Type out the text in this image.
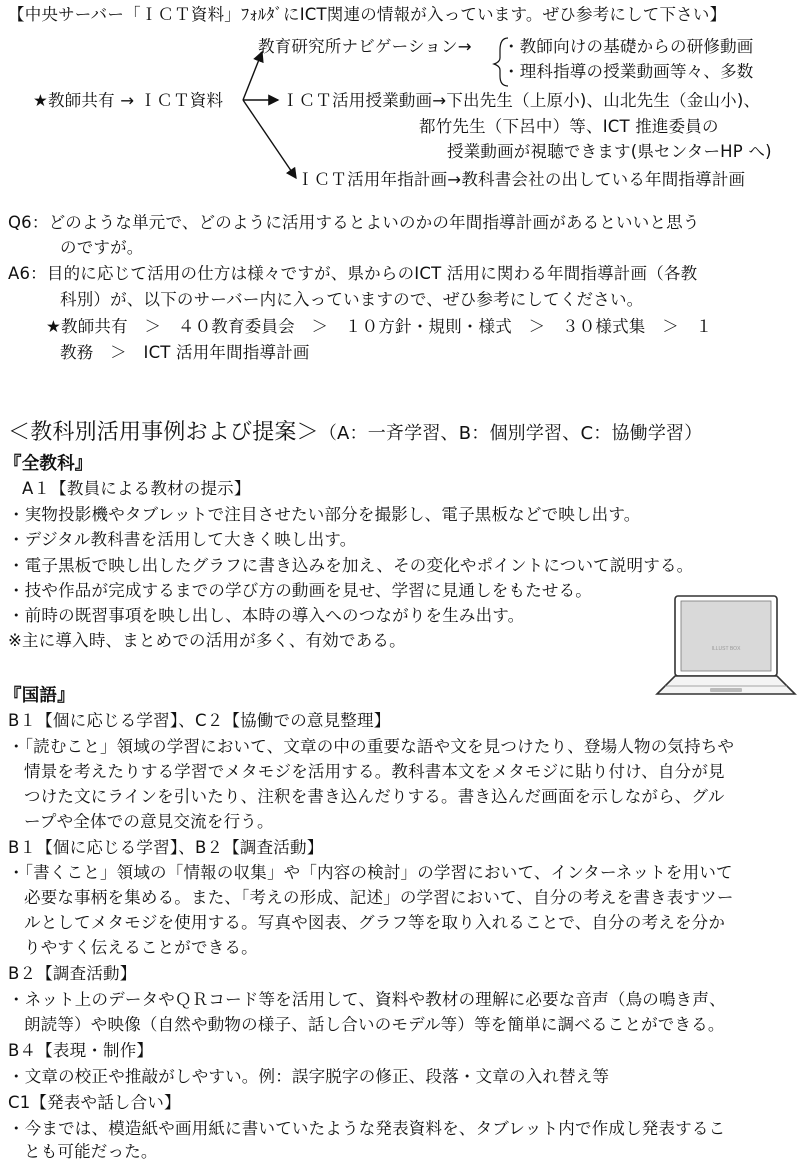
【中央サーバー「ＩＣＴ資料」ﾌｫﾙﾀﾞにICT関連の情報が入っています。ぜひ参考にして下さい】
教育研究所ナビゲーション→ ・教師向けの基礎からの研修動画
・理科指導の授業動画等々、多数
★教師共有 → ＩＣＴ資料	ＩＣＴ活用授業動画→下出先生（上原小)、山北先生（金山小)、
都竹先生（下呂中）等、ICT 推進委員の
授業動画が視聴できます(県センターHP へ)
ＩＣＴ活用年指計画→教科書会社の出している年間指導計画
Q6：どのような単元で、どのように活用するとよいのかの年間指導計画があるといいと思う
のですが。
A6：目的に応じて活用の仕方は様々ですが、県からのICT 活用に関わる年間指導計画（各教
科別）が、以下のサーバー内に入っていますので、ぜひ参考にしてください。
★教師共有　＞　４０教育委員会　＞　１０方針・規則・様式　＞　３０様式集　＞　１
教務　＞　ICT 活用年間指導計画
＜教科別活用事例および提案＞（A：一斉学習、B：個別学習、C：協働学習）
『全教科』
A１【教員による教材の提示】
・実物投影機やタブレットで注目させたい部分を撮影し、電子黒板などで映し出す。
・デジタル教科書を活用して大きく映し出す。
・電子黒板で映し出したグラフに書き込みを加え、その変化やポイントについて説明する。
・技や作品が完成するまでの学び方の動画を見せ、学習に見通しをもたせる。
・前時の既習事項を映し出し、本時の導入へのつながりを生み出す。
※主に導入時、まとめでの活用が多く、有効である。	ILLUST BOX
『国語』
B１【個に応じる学習】、C２【協働での意見整理】
・「読むこと」領域の学習において、文章の中の重要な語や文を見つけたり、登場人物の気持ちや
情景を考えたりする学習でメタモジを活用する。教科書本文をメタモジに貼り付け、自分が見
つけた文にラインを引いたり、注釈を書き込んだりする。書き込んだ画面を示しながら、グル
ープや全体での意見交流を行う。
B１【個に応じる学習】、B２【調査活動】
・「書くこと」領域の「情報の収集」や「内容の検討」の学習において、インターネットを用いて
必要な事柄を集める。また、「考えの形成、記述」の学習において、自分の考えを書き表すツー
ルとしてメタモジを使用する。写真や図表、グラフ等を取り入れることで、自分の考えを分か
りやすく伝えることができる。
B２【調査活動】
・ネット上のデータやＱＲコード等を活用して、資料や教材の理解に必要な音声（鳥の鳴き声、
朗読等）や映像（自然や動物の様子、話し合いのモデル等）等を簡単に調べることができる。
B４【表現・制作】
・文章の校正や推敲がしやすい。例：誤字脱字の修正、段落・文章の入れ替え等
C1【発表や話し合い】
・今までは、模造紙や画用紙に書いていたような発表資料を、タブレット内で作成し発表するこ
とも可能だった。
